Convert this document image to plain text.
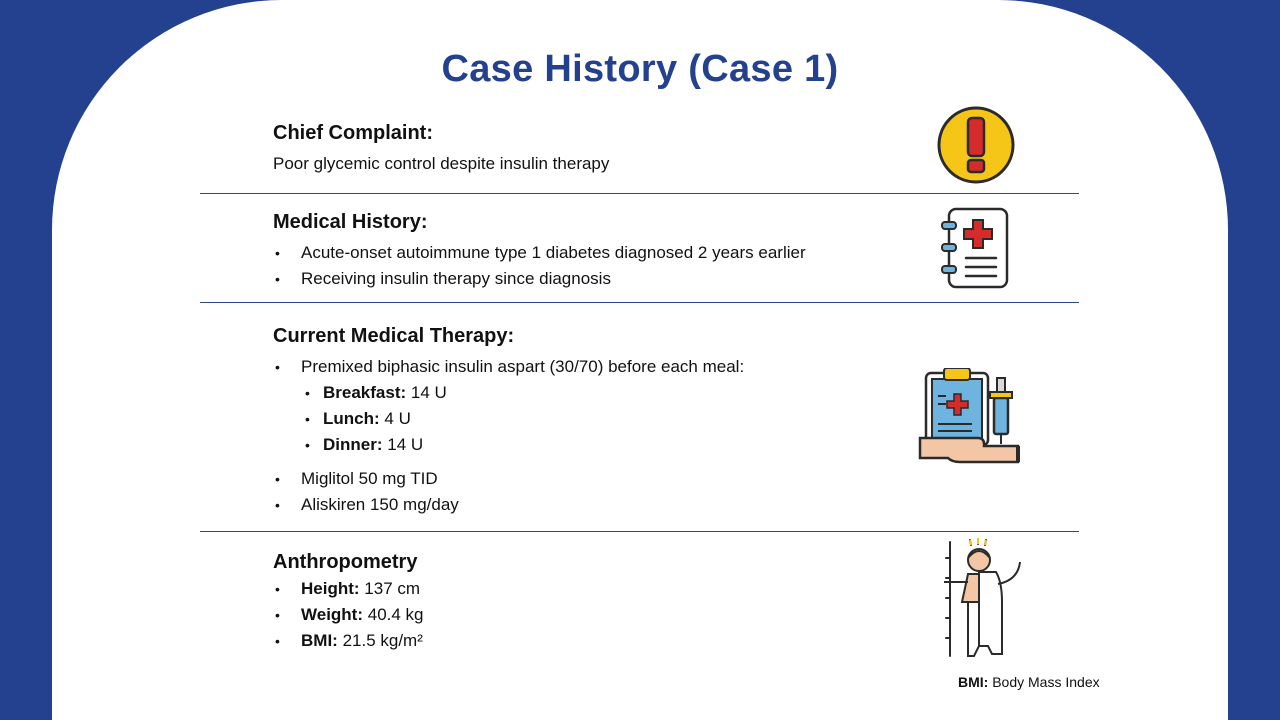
Case History (Case 1)
Chief Complaint:
Poor glycemic control despite insulin therapy
Medical History:
• Acute-onset autoimmune type 1 diabetes diagnosed 2 years earlier
• Receiving insulin therapy since diagnosis
Current Medical Therapy:
• Premixed biphasic insulin aspart (30/70) before each meal:
• Breakfast: 14 U
• Lunch: 4 U
• Dinner: 14 U
• Miglitol 50 mg TID
• Aliskiren 150 mg/day
Anthropometry
• Height: 137 cm
• Weight: 40.4 kg
• BMI: 21.5 kg/m²
BMI: Body Mass Index
